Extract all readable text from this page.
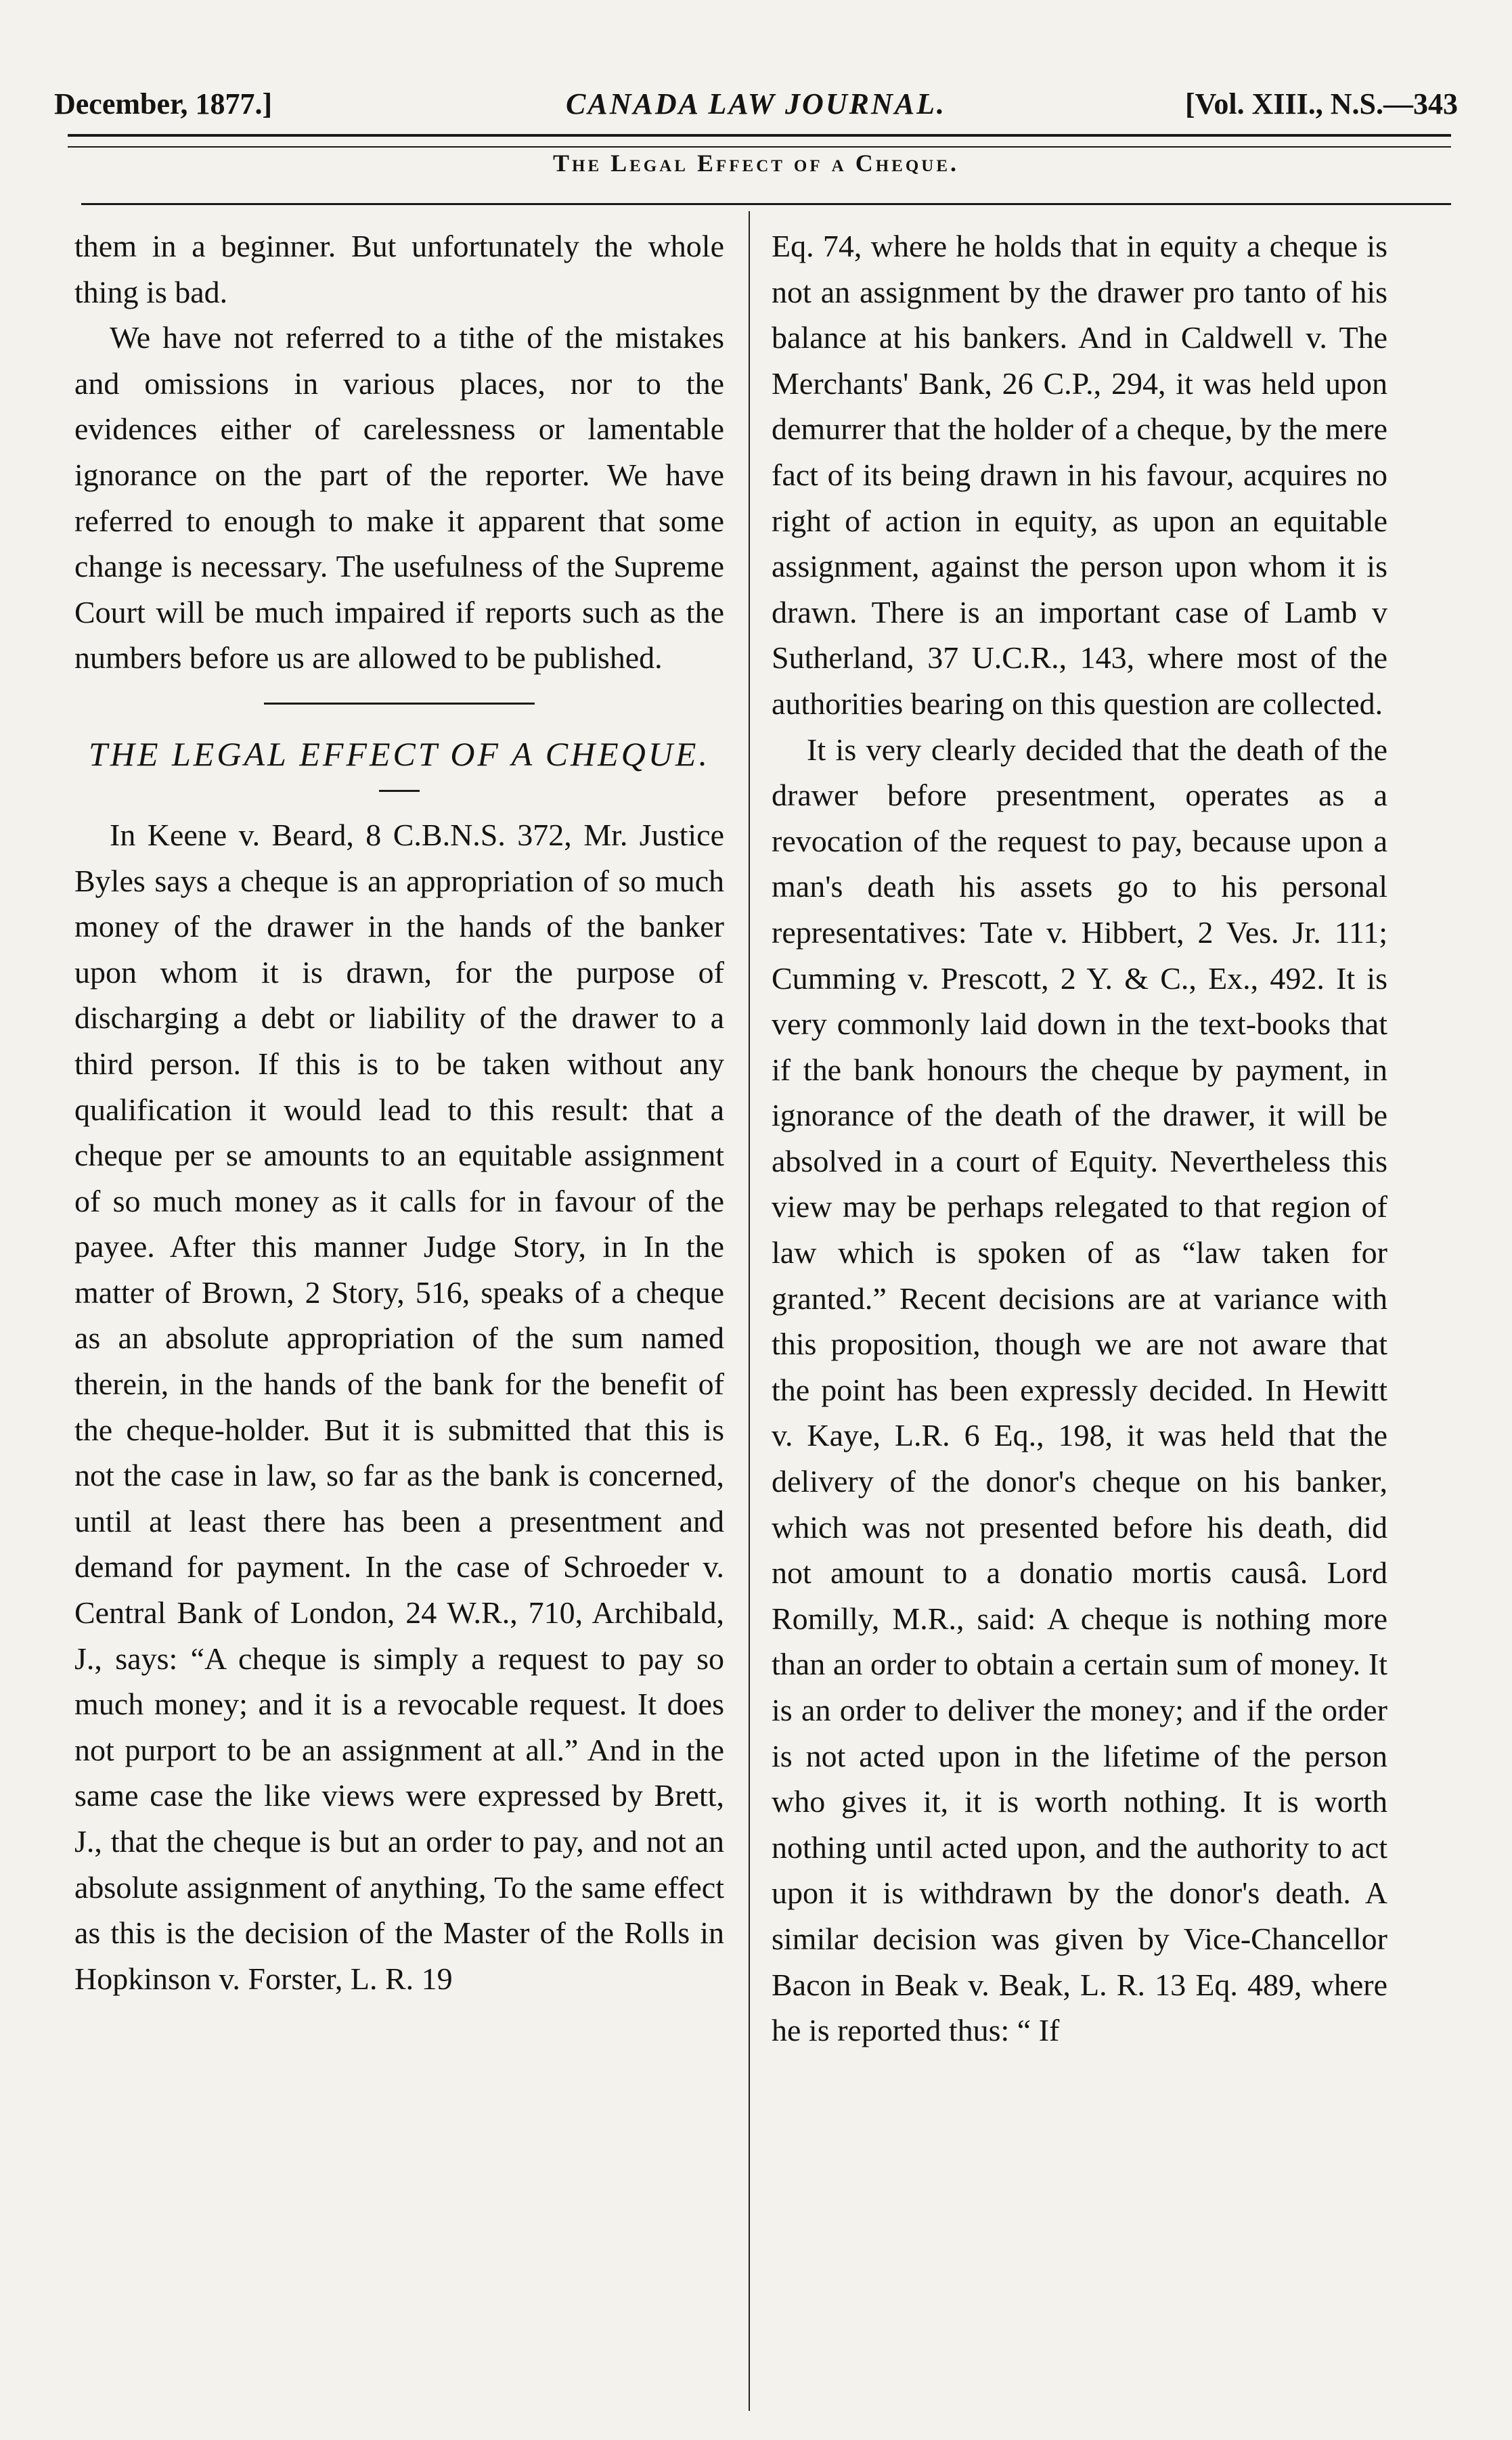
December, 1877.]	CANADA LAW JOURNAL.	[Vol. XIII., N.S.—343
The Legal Effect of a Cheque.

them in a beginner. But unfortunately the whole thing is bad.

We have not referred to a tithe of the mistakes and omissions in various places, nor to the evidences either of carelessness or lamentable ignorance on the part of the reporter. We have referred to enough to make it apparent that some change is necessary. The usefulness of the Supreme Court will be much impaired if reports such as the numbers before us are allowed to be published.

THE LEGAL EFFECT OF A CHEQUE.

In Keene v. Beard, 8 C.B.N.S. 372, Mr. Justice Byles says a cheque is an appropriation of so much money of the drawer in the hands of the banker upon whom it is drawn, for the purpose of discharging a debt or liability of the drawer to a third person. If this is to be taken without any qualification it would lead to this result: that a cheque per se amounts to an equitable assignment of so much money as it calls for in favour of the payee. After this manner Judge Story, in In the matter of Brown, 2 Story, 516, speaks of a cheque as an absolute appropriation of the sum named therein, in the hands of the bank for the benefit of the cheque-holder. But it is submitted that this is not the case in law, so far as the bank is concerned, until at least there has been a presentment and demand for payment. In the case of Schroeder v. Central Bank of London, 24 W.R., 710, Archibald, J., says: “A cheque is simply a request to pay so much money; and it is a revocable request. It does not purport to be an assignment at all.” And in the same case the like views were expressed by Brett, J., that the cheque is but an order to pay, and not an absolute assignment of anything, To the same effect as this is the decision of the Master of the Rolls in Hopkinson v. Forster, L. R. 19

Eq. 74, where he holds that in equity a cheque is not an assignment by the drawer pro tanto of his balance at his bankers. And in Caldwell v. The Merchants' Bank, 26 C.P., 294, it was held upon demurrer that the holder of a cheque, by the mere fact of its being drawn in his favour, acquires no right of action in equity, as upon an equitable assignment, against the person upon whom it is drawn. There is an important case of Lamb v Sutherland, 37 U.C.R., 143, where most of the authorities bearing on this question are collected.

It is very clearly decided that the death of the drawer before presentment, operates as a revocation of the request to pay, because upon a man's death his assets go to his personal representatives: Tate v. Hibbert, 2 Ves. Jr. 111; Cumming v. Prescott, 2 Y. & C., Ex., 492. It is very commonly laid down in the text-books that if the bank honours the cheque by payment, in ignorance of the death of the drawer, it will be absolved in a court of Equity. Nevertheless this view may be perhaps relegated to that region of law which is spoken of as “law taken for granted.” Recent decisions are at variance with this proposition, though we are not aware that the point has been expressly decided. In Hewitt v. Kaye, L.R. 6 Eq., 198, it was held that the delivery of the donor's cheque on his banker, which was not presented before his death, did not amount to a donatio mortis causâ. Lord Romilly, M.R., said: A cheque is nothing more than an order to obtain a certain sum of money. It is an order to deliver the money; and if the order is not acted upon in the lifetime of the person who gives it, it is worth nothing. It is worth nothing until acted upon, and the authority to act upon it is withdrawn by the donor's death. A similar decision was given by Vice-Chancellor Bacon in Beak v. Beak, L. R. 13 Eq. 489, where he is reported thus: “ If
